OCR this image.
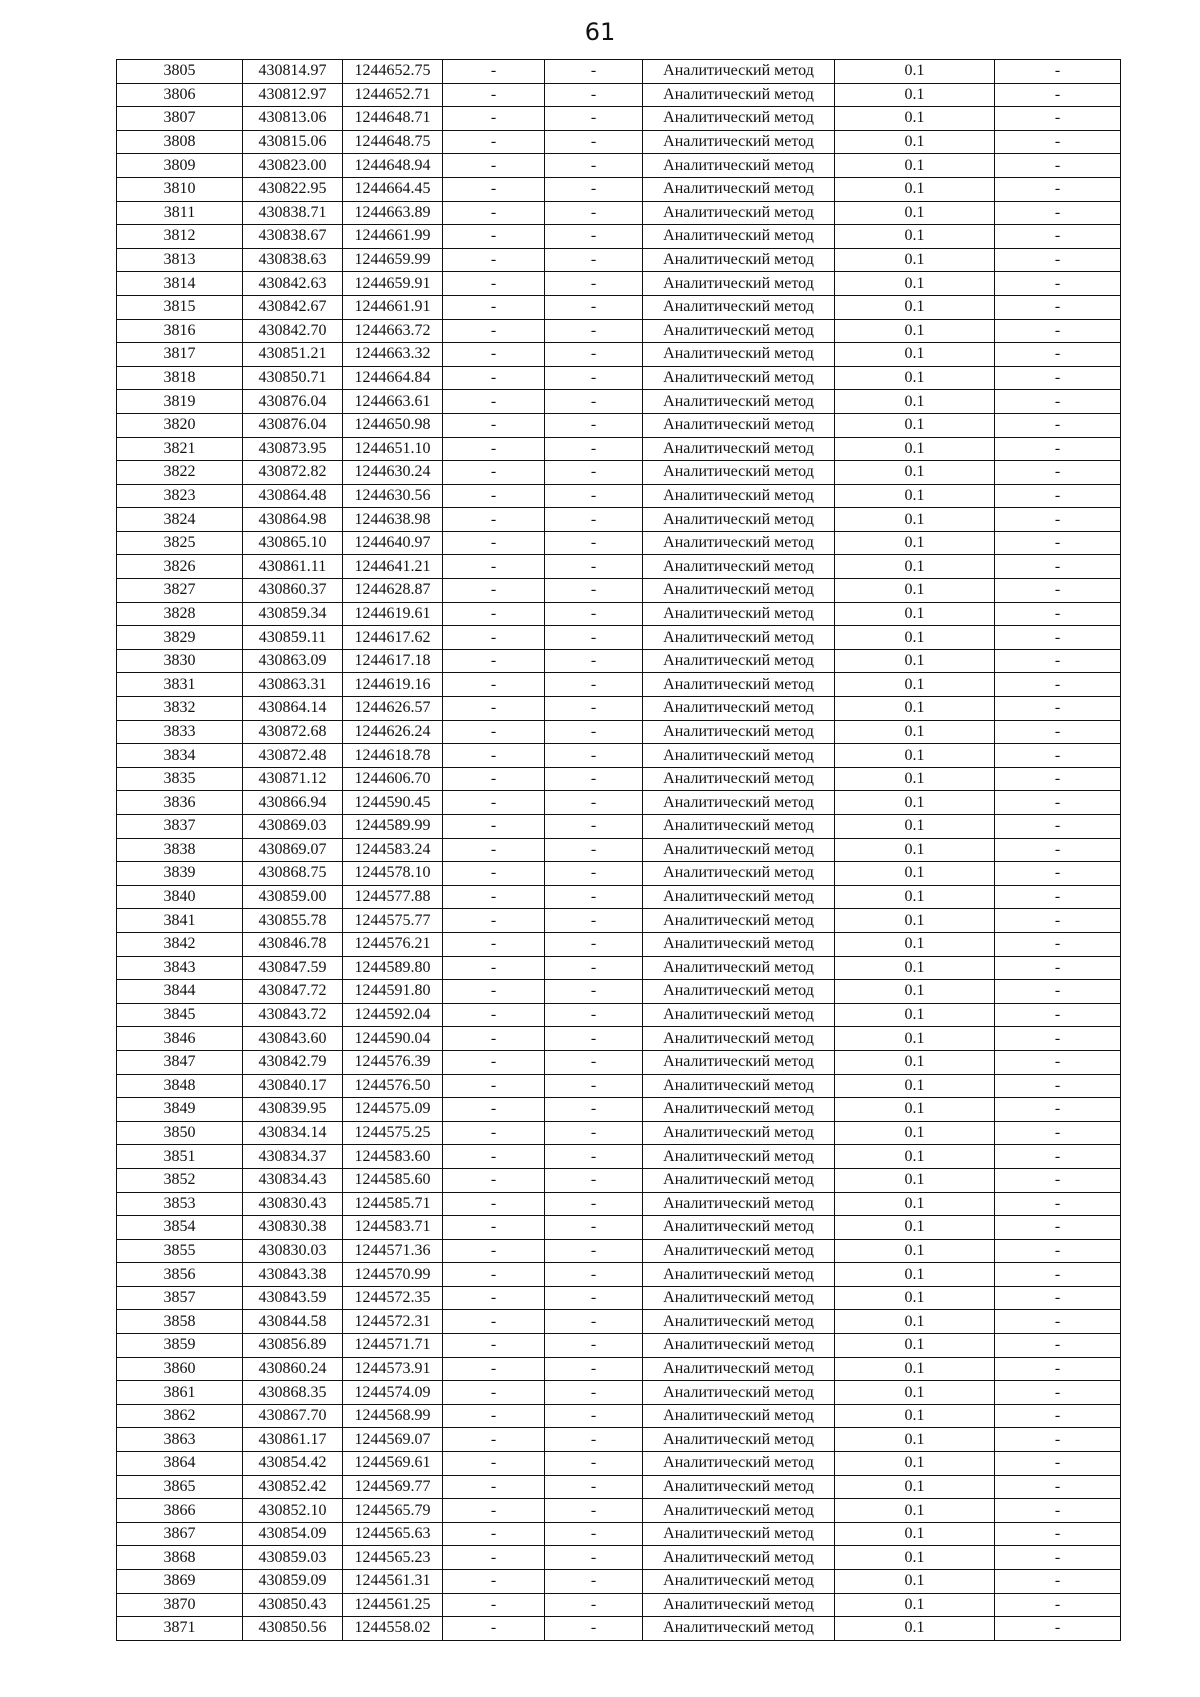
61
3805	430814.97	1244652.75	-	-	Аналитический метод	0.1	-
3806	430812.97	1244652.71	-	-	Аналитический метод	0.1	-
3807	430813.06	1244648.71	-	-	Аналитический метод	0.1	-
3808	430815.06	1244648.75	-	-	Аналитический метод	0.1	-
3809	430823.00	1244648.94	-	-	Аналитический метод	0.1	-
3810	430822.95	1244664.45	-	-	Аналитический метод	0.1	-
3811	430838.71	1244663.89	-	-	Аналитический метод	0.1	-
3812	430838.67	1244661.99	-	-	Аналитический метод	0.1	-
3813	430838.63	1244659.99	-	-	Аналитический метод	0.1	-
3814	430842.63	1244659.91	-	-	Аналитический метод	0.1	-
3815	430842.67	1244661.91	-	-	Аналитический метод	0.1	-
3816	430842.70	1244663.72	-	-	Аналитический метод	0.1	-
3817	430851.21	1244663.32	-	-	Аналитический метод	0.1	-
3818	430850.71	1244664.84	-	-	Аналитический метод	0.1	-
3819	430876.04	1244663.61	-	-	Аналитический метод	0.1	-
3820	430876.04	1244650.98	-	-	Аналитический метод	0.1	-
3821	430873.95	1244651.10	-	-	Аналитический метод	0.1	-
3822	430872.82	1244630.24	-	-	Аналитический метод	0.1	-
3823	430864.48	1244630.56	-	-	Аналитический метод	0.1	-
3824	430864.98	1244638.98	-	-	Аналитический метод	0.1	-
3825	430865.10	1244640.97	-	-	Аналитический метод	0.1	-
3826	430861.11	1244641.21	-	-	Аналитический метод	0.1	-
3827	430860.37	1244628.87	-	-	Аналитический метод	0.1	-
3828	430859.34	1244619.61	-	-	Аналитический метод	0.1	-
3829	430859.11	1244617.62	-	-	Аналитический метод	0.1	-
3830	430863.09	1244617.18	-	-	Аналитический метод	0.1	-
3831	430863.31	1244619.16	-	-	Аналитический метод	0.1	-
3832	430864.14	1244626.57	-	-	Аналитический метод	0.1	-
3833	430872.68	1244626.24	-	-	Аналитический метод	0.1	-
3834	430872.48	1244618.78	-	-	Аналитический метод	0.1	-
3835	430871.12	1244606.70	-	-	Аналитический метод	0.1	-
3836	430866.94	1244590.45	-	-	Аналитический метод	0.1	-
3837	430869.03	1244589.99	-	-	Аналитический метод	0.1	-
3838	430869.07	1244583.24	-	-	Аналитический метод	0.1	-
3839	430868.75	1244578.10	-	-	Аналитический метод	0.1	-
3840	430859.00	1244577.88	-	-	Аналитический метод	0.1	-
3841	430855.78	1244575.77	-	-	Аналитический метод	0.1	-
3842	430846.78	1244576.21	-	-	Аналитический метод	0.1	-
3843	430847.59	1244589.80	-	-	Аналитический метод	0.1	-
3844	430847.72	1244591.80	-	-	Аналитический метод	0.1	-
3845	430843.72	1244592.04	-	-	Аналитический метод	0.1	-
3846	430843.60	1244590.04	-	-	Аналитический метод	0.1	-
3847	430842.79	1244576.39	-	-	Аналитический метод	0.1	-
3848	430840.17	1244576.50	-	-	Аналитический метод	0.1	-
3849	430839.95	1244575.09	-	-	Аналитический метод	0.1	-
3850	430834.14	1244575.25	-	-	Аналитический метод	0.1	-
3851	430834.37	1244583.60	-	-	Аналитический метод	0.1	-
3852	430834.43	1244585.60	-	-	Аналитический метод	0.1	-
3853	430830.43	1244585.71	-	-	Аналитический метод	0.1	-
3854	430830.38	1244583.71	-	-	Аналитический метод	0.1	-
3855	430830.03	1244571.36	-	-	Аналитический метод	0.1	-
3856	430843.38	1244570.99	-	-	Аналитический метод	0.1	-
3857	430843.59	1244572.35	-	-	Аналитический метод	0.1	-
3858	430844.58	1244572.31	-	-	Аналитический метод	0.1	-
3859	430856.89	1244571.71	-	-	Аналитический метод	0.1	-
3860	430860.24	1244573.91	-	-	Аналитический метод	0.1	-
3861	430868.35	1244574.09	-	-	Аналитический метод	0.1	-
3862	430867.70	1244568.99	-	-	Аналитический метод	0.1	-
3863	430861.17	1244569.07	-	-	Аналитический метод	0.1	-
3864	430854.42	1244569.61	-	-	Аналитический метод	0.1	-
3865	430852.42	1244569.77	-	-	Аналитический метод	0.1	-
3866	430852.10	1244565.79	-	-	Аналитический метод	0.1	-
3867	430854.09	1244565.63	-	-	Аналитический метод	0.1	-
3868	430859.03	1244565.23	-	-	Аналитический метод	0.1	-
3869	430859.09	1244561.31	-	-	Аналитический метод	0.1	-
3870	430850.43	1244561.25	-	-	Аналитический метод	0.1	-
3871	430850.56	1244558.02	-	-	Аналитический метод	0.1	-
